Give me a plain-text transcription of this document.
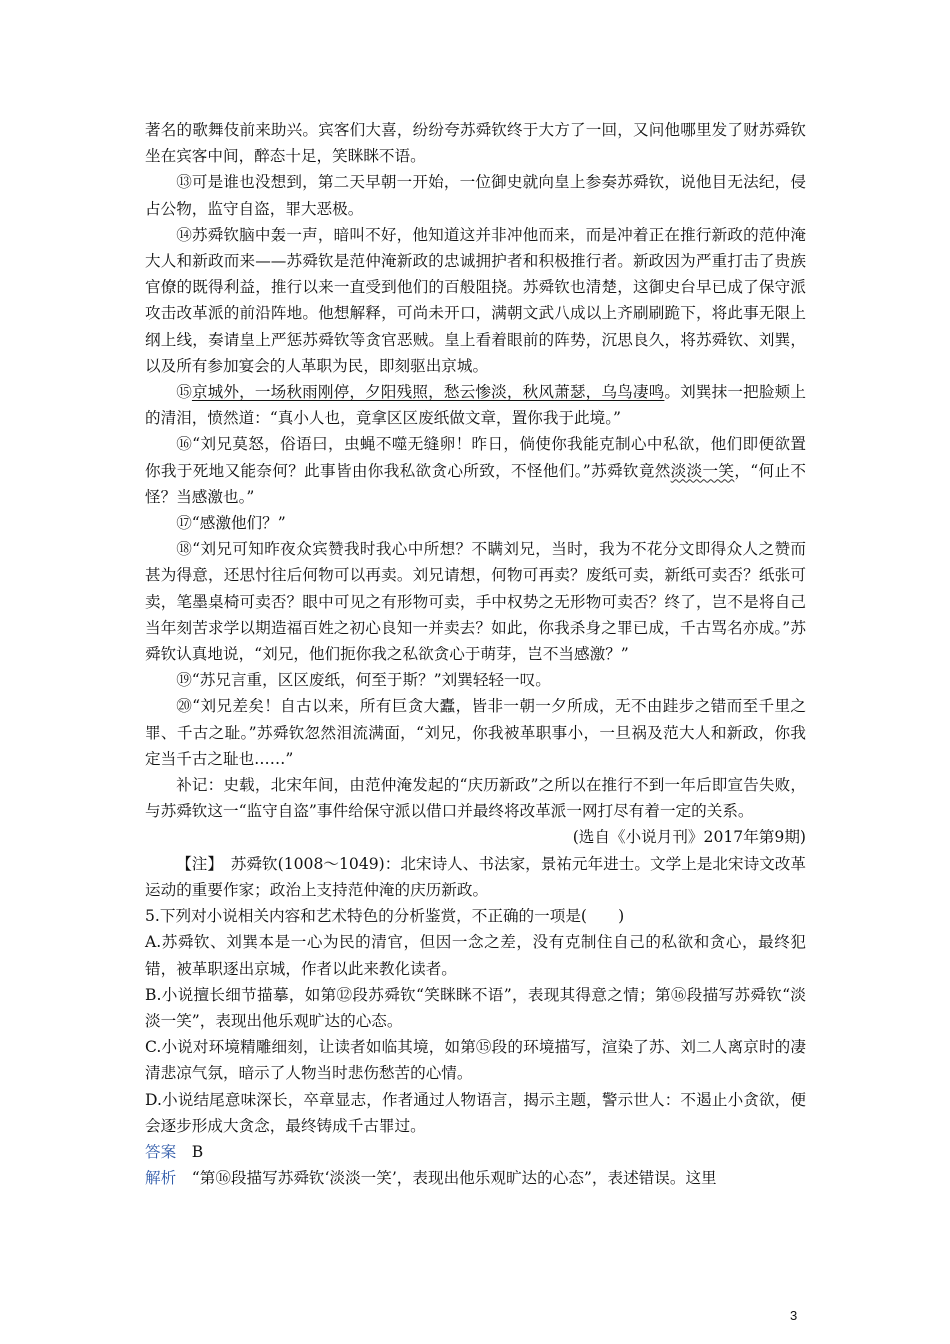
著名的歌舞伎前来助兴。宾客们大喜，纷纷夸苏舜钦终于大方了一回，又问他哪里发了财苏舜钦坐在宾客中间，醉态十足，笑眯眯不语。

⑬可是谁也没想到，第二天早朝一开始，一位御史就向皇上参奏苏舜钦，说他目无法纪，侵占公物，监守自盗，罪大恶极。

⑭苏舜钦脑中轰一声，暗叫不好，他知道这并非冲他而来，而是冲着正在推行新政的范仲淹大人和新政而来——苏舜钦是范仲淹新政的忠诚拥护者和积极推行者。新政因为严重打击了贵族官僚的既得利益，推行以来一直受到他们的百般阻挠。苏舜钦也清楚，这御史台早已成了保守派攻击改革派的前沿阵地。他想解释，可尚未开口，满朝文武八成以上齐刷刷跪下，将此事无限上纲上线，奏请皇上严惩苏舜钦等贪官恶贼。皇上看着眼前的阵势，沉思良久，将苏舜钦、刘巽，以及所有参加宴会的人革职为民，即刻驱出京城。

⑮京城外，一场秋雨刚停，夕阳残照，愁云惨淡，秋风萧瑟，乌鸟凄鸣。刘巽抹一把脸颊上的清泪，愤然道：“真小人也，竟拿区区废纸做文章，置你我于此境。”

⑯“刘兄莫怒，俗语曰，虫蝇不噬无缝卵！昨日，倘使你我能克制心中私欲，他们即便欲置你我于死地又能奈何？此事皆由你我私欲贪心所致，不怪他们。”苏舜钦竟然淡淡一笑，“何止不怪？当感激也。”

⑰“感激他们？”

⑱“刘兄可知昨夜众宾赞我时我心中所想？不瞒刘兄，当时，我为不花分文即得众人之赞而甚为得意，还思忖往后何物可以再卖。刘兄请想，何物可再卖？废纸可卖，新纸可卖否？纸张可卖，笔墨桌椅可卖否？眼中可见之有形物可卖，手中权势之无形物可卖否？终了，岂不是将自己当年刻苦求学以期造福百姓之初心良知一并卖去？如此，你我杀身之罪已成，千古骂名亦成。”苏舜钦认真地说，“刘兄，他们扼你我之私欲贪心于萌芽，岂不当感激？”

⑲“苏兄言重，区区废纸，何至于斯？”刘巽轻轻一叹。

⑳“刘兄差矣！自古以来，所有巨贪大蠹，皆非一朝一夕所成，无不由跬步之错而至千里之罪、千古之耻。”苏舜钦忽然泪流满面，“刘兄，你我被革职事小，一旦祸及范大人和新政，你我定当千古之耻也……”

补记：史载，北宋年间，由范仲淹发起的“庆历新政”之所以在推行不到一年后即宣告失败，与苏舜钦这一“监守自盗”事件给保守派以借口并最终将改革派一网打尽有着一定的关系。

(选自《小说月刊》2017年第9期)

【注】　苏舜钦(1008～1049)：北宋诗人、书法家，景祐元年进士。文学上是北宋诗文改革运动的重要作家；政治上支持范仲淹的庆历新政。

5.下列对小说相关内容和艺术特色的分析鉴赏，不正确的一项是(　　)

A.苏舜钦、刘巽本是一心为民的清官，但因一念之差，没有克制住自己的私欲和贪心，最终犯错，被革职逐出京城，作者以此来教化读者。

B.小说擅长细节描摹，如第⑫段苏舜钦“笑眯眯不语”，表现其得意之情；第⑯段描写苏舜钦“淡淡一笑”，表现出他乐观旷达的心态。

C.小说对环境精雕细刻，让读者如临其境，如第⑮段的环境描写，渲染了苏、刘二人离京时的凄清悲凉气氛，暗示了人物当时悲伤愁苦的心情。

D.小说结尾意味深长，卒章显志，作者通过人物语言，揭示主题，警示世人：不遏止小贪欲，便会逐步形成大贪念，最终铸成千古罪过。

答案　B

解析　“第⑯段描写苏舜钦‘淡淡一笑’，表现出他乐观旷达的心态”，表述错误。这里

3
